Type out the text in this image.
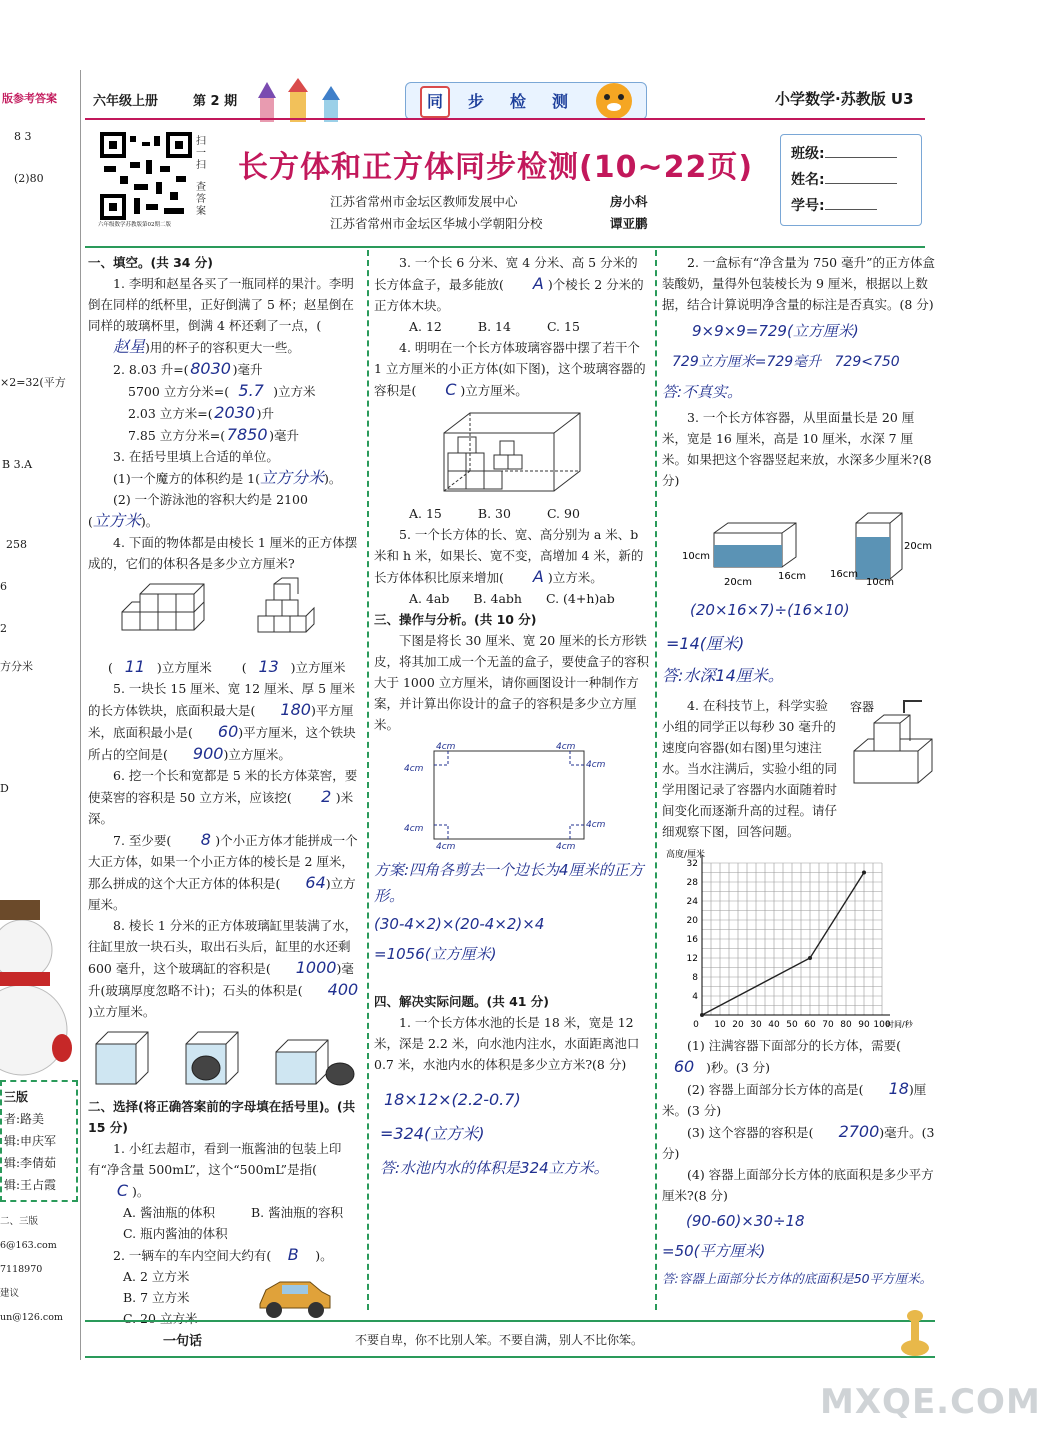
版参考答案
8 3
(2)80
×2=32(平方
B 3.A
258
6
2
方分米
D
三版
者:路美
辑:申庆军
辑:李倩茹
辑:王占霞
二、三版
6@163.com
7118970
建议
un@126.com
六年级上册	第 2 期	同	步 检 测	小学数学·苏教版 U3
扫一扫
查答案
六年级数学苏教版第02期二版
长方体和正方体同步检测(10~22页)
江苏省常州市金坛区教师发展中心	房小科
江苏省常州市金坛区华城小学朝阳分校	谭亚鹏
班级:
姓名:
学号:

一、填空。(共 34 分)

1. 李明和赵星各买了一瓶同样的果汁。李明倒在同样的纸杯里，正好倒满了 5 杯；赵星倒在同样的玻璃杯里，倒满 4 杯还剩了一点，(赵星)用的杯子的容积更大一些。

2. 8.03 升=( 8030 )毫升

5700 立方分米=( 5.7 )立方米

2.03 立方米=( 2030 )升

7.85 立方分米=( 7850 )毫升

3. 在括号里填上合适的单位。

(1)一个魔方的体积约是 1(立方分米)。

(2) 一个游泳池的容积大约是 2100

(立方米)。

4. 下面的物体都是由棱长 1 厘米的正方体摆成的，它们的体积各是多少立方厘米?

( 11 )立方厘米 ( 13 )立方厘米

5. 一块长 15 厘米、宽 12 厘米、厚 5 厘米的长方体铁块，底面积最大是( 180)平方厘米，底面积最小是( 60)平方厘米，这个铁块所占的空间是( 900)立方厘米。

6. 挖一个长和宽都是 5 米的长方体菜窖，要使菜窖的容积是 50 立方米，应该挖( 2 )米深。

7. 至少要( 8 )个小正方体才能拼成一个大正方体，如果一个小正方体的棱长是 2 厘米，那么拼成的这个大正方体的体积是( 64)立方厘米。

8. 棱长 1 分米的正方体玻璃缸里装满了水，往缸里放一块石头，取出石头后，缸里的水还剩 600 毫升，这个玻璃缸的容积是( 1000)毫升(玻璃厚度忽略不计)；石头的体积是( 400)立方厘米。

二、选择(将正确答案前的字母填在括号里)。(共 15 分)

1. 小红去超市，看到一瓶酱油的包装上印有“净含量 500mL”，这个“500mL”是指(C )。

A. 酱油瓶的体积	B. 酱油瓶的容积

C. 瓶内酱油的体积

2. 一辆车的车内空间大约有( B )。

A. 2 立方米

B. 7 立方米

C. 20 立方米

3. 一个长 6 分米、宽 4 分米、高 5 分米的长方体盒子，最多能放( A )个棱长 2 分米的正方体木块。

A. 12	B. 14	C. 15

4. 明明在一个长方体玻璃容器中摆了若干个 1 立方厘米的小正方体(如下图)，这个玻璃容器的容积是( C )立方厘米。

A. 15	B. 30	C. 90

5. 一个长方体的长、宽、高分别为 a 米、b 米和 h 米，如果长、宽不变，高增加 4 米，新的长方体体积比原来增加( A )立方米。

A. 4ab B. 4abh C. (4+h)ab

三、操作与分析。(共 10 分)

下图是将长 30 厘米、宽 20 厘米的长方形铁皮，将其加工成一个无盖的盒子，要使盒子的容积大于 1000 立方厘米，请你画图设计一种制作方案，并计算出你设计的盒子的容积是多少立方厘米。

4cm
4cm
4cm
4cm
4cm
4cm
4cm
4cm

方案:四角各剪去一个边长为4厘米的正方形。

(30-4×2)×(20-4×2)×4

=1056(立方厘米)

四、解决实际问题。(共 41 分)

1. 一个长方体水池的长是 18 米，宽是 12 米，深是 2.2 米，向水池内注水，水面距离池口 0.7 米，水池内水的体积是多少立方米?(8 分)

18×12×(2.2-0.7)

=324(立方米)

答:水池内水的体积是324立方米。

2. 一盒标有“净含量为 750 毫升”的正方体盒装酸奶，量得外包装棱长为 9 厘米，根据以上数据，结合计算说明净含量的标注是否真实。(8 分)

9×9×9=729(立方厘米)

729立方厘米=729毫升   729<750

答:不真实。

3. 一个长方体容器，从里面量长是 20 厘米，宽是 16 厘米，高是 10 厘米，水深 7 厘米。如果把这个容器竖起来放，水深多少厘米?(8 分)

10cm
16cm
20cm
20cm
16cm
10cm

(20×16×7)÷(16×10)

=14(厘米)

答:水深14厘米。

4. 在科技节上，科学实验小组的同学正以每秒 30 毫升的速度向容器(如右图)里匀速注水。当水注满后，实验小组的同学用图记录了容器内水面随着时间变化而逐渐升高的过程。请仔细观察下图，回答问题。

容器
4
8
12
16
20
24
28
32
0 10 20 30 40 50 60 70 80 90 100
高度/厘米
时间/秒

(1) 注满容器下面部分的长方体，需要(

60 )秒。(3 分)

(2) 容器上面部分长方体的高是( 18)厘米。(3 分)

(3) 这个容器的容积是( 2700)毫升。(3 分)

(4) 容器上面部分长方体的底面积是多少平方厘米?(8 分)

(90-60)×30÷18

=50(平方厘米)

答:容器上面部分长方体的底面积是50平方厘米。

一句话	不要自卑，你不比别人笨。不要自满，别人不比你笨。
MXQE.COM
